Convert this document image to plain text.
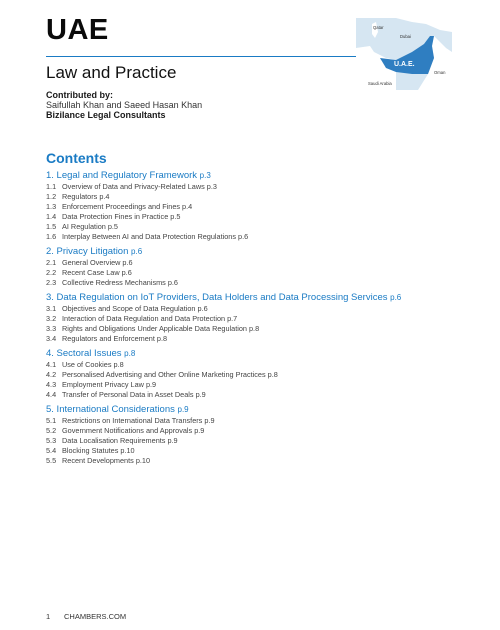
UAE
Law and Practice
Contributed by:
Saifullah Khan and Saeed Hasan Khan
Bizilance Legal Consultants
Qatar
Dubai
U.A.E.
Oman
Saudi Arabia
Contents
1. Legal and Regulatory Framework p.3
1.1 Overview of Data and Privacy-Related Laws p.3
1.2 Regulators p.4
1.3 Enforcement Proceedings and Fines p.4
1.4 Data Protection Fines in Practice p.5
1.5 AI Regulation p.5
1.6 Interplay Between AI and Data Protection Regulations p.6
2. Privacy Litigation p.6
2.1 General Overview p.6
2.2 Recent Case Law p.6
2.3 Collective Redress Mechanisms p.6
3. Data Regulation on IoT Providers, Data Holders and Data Processing Services p.6
3.1 Objectives and Scope of Data Regulation p.6
3.2 Interaction of Data Regulation and Data Protection p.7
3.3 Rights and Obligations Under Applicable Data Regulation p.8
3.4 Regulators and Enforcement p.8
4. Sectoral Issues p.8
4.1 Use of Cookies p.8
4.2 Personalised Advertising and Other Online Marketing Practices p.8
4.3 Employment Privacy Law p.9
4.4 Transfer of Personal Data in Asset Deals p.9
5. International Considerations p.9
5.1 Restrictions on International Data Transfers p.9
5.2 Government Notifications and Approvals p.9
5.3 Data Localisation Requirements p.9
5.4 Blocking Statutes p.10
5.5 Recent Developments p.10
1 CHAMBERS.COM
